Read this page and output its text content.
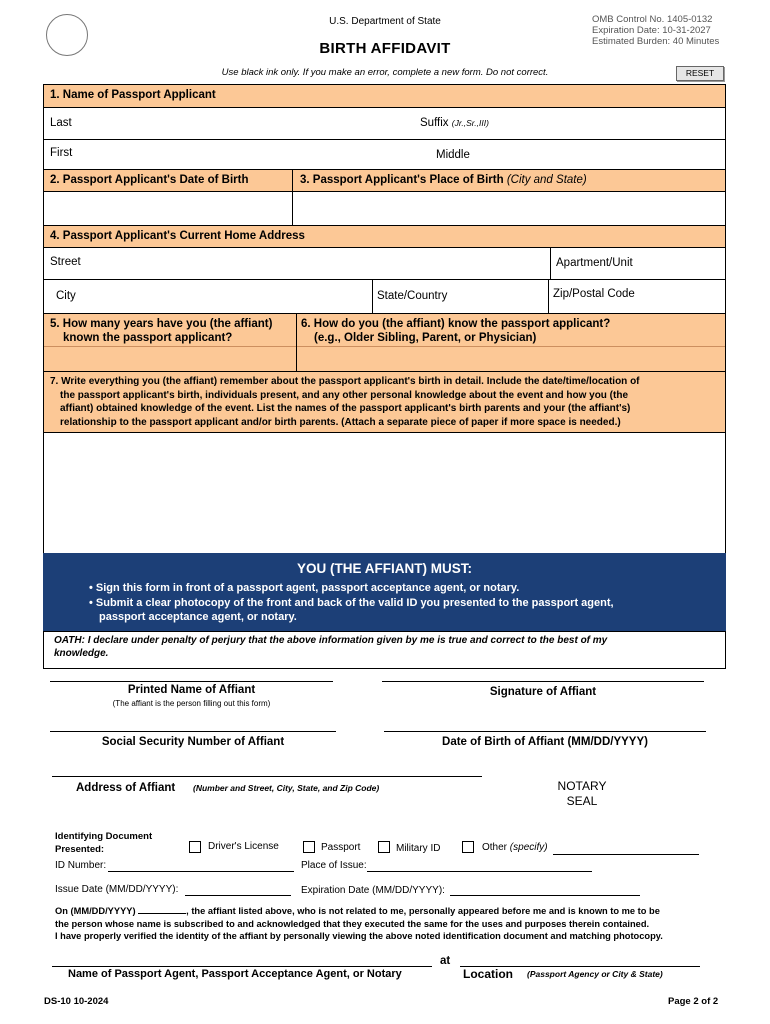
U.S. Department of State
BIRTH AFFIDAVIT
OMB Control No. 1405-0132
Expiration Date: 10-31-2027
Estimated Burden: 40 Minutes
Use black ink only. If you make an error, complete a new form. Do not correct.	RESET
1. Name of Passport Applicant
Last	Suffix (Jr.,Sr.,III)
First	Middle
2. Passport Applicant's Date of Birth	3. Passport Applicant's Place of Birth (City and State)
4. Passport Applicant's Current Home Address
Street	Apartment/Unit
City	State/Country	Zip/Postal Code
5. How many years have you (the affiant)
known the passport applicant?
6. How do you (the affiant) know the passport applicant?
(e.g., Older Sibling, Parent, or Physician)
7. Write everything you (the affiant) remember about the passport applicant's birth in detail. Include the date/time/location of
the passport applicant's birth, individuals present, and any other personal knowledge about the event and how you (the
affiant) obtained knowledge of the event. List the names of the passport applicant's birth parents and your (the affiant's)
relationship to the passport applicant and/or birth parents. (Attach a separate piece of paper if more space is needed.)
YOU (THE AFFIANT) MUST:
• Sign this form in front of a passport agent, passport acceptance agent, or notary.
• Submit a clear photocopy of the front and back of the valid ID you presented to the passport agent,
passport acceptance agent, or notary.
OATH: I declare under penalty of perjury that the above information given by me is true and correct to the best of my
knowledge.
Printed Name of Affiant
(The affiant is the person filling out this form)
Signature of Affiant
Social Security Number of Affiant	Date of Birth of Affiant (MM/DD/YYYY)
Address of Affiant (Number and Street, City, State, and Zip Code)	NOTARY
SEAL
Identifying Document
Presented:	Driver's License	Passport	Military ID	Other (specify)
ID Number:	Place of Issue:
Issue Date (MM/DD/YYYY):	Expiration Date (MM/DD/YYYY):
On (MM/DD/YYYY)	, the affiant listed above, who is not related to me, personally appeared before me and is known to me to be
the person whose name is subscribed to and acknowledged that they executed the same for the uses and purposes therein contained.
I have properly verified the identity of the affiant by personally viewing the above noted identification document and matching photocopy.
Name of Passport Agent, Passport Acceptance Agent, or Notary
at
Location (Passport Agency or City & State)
DS-10 10-2024	Page 2 of 2
